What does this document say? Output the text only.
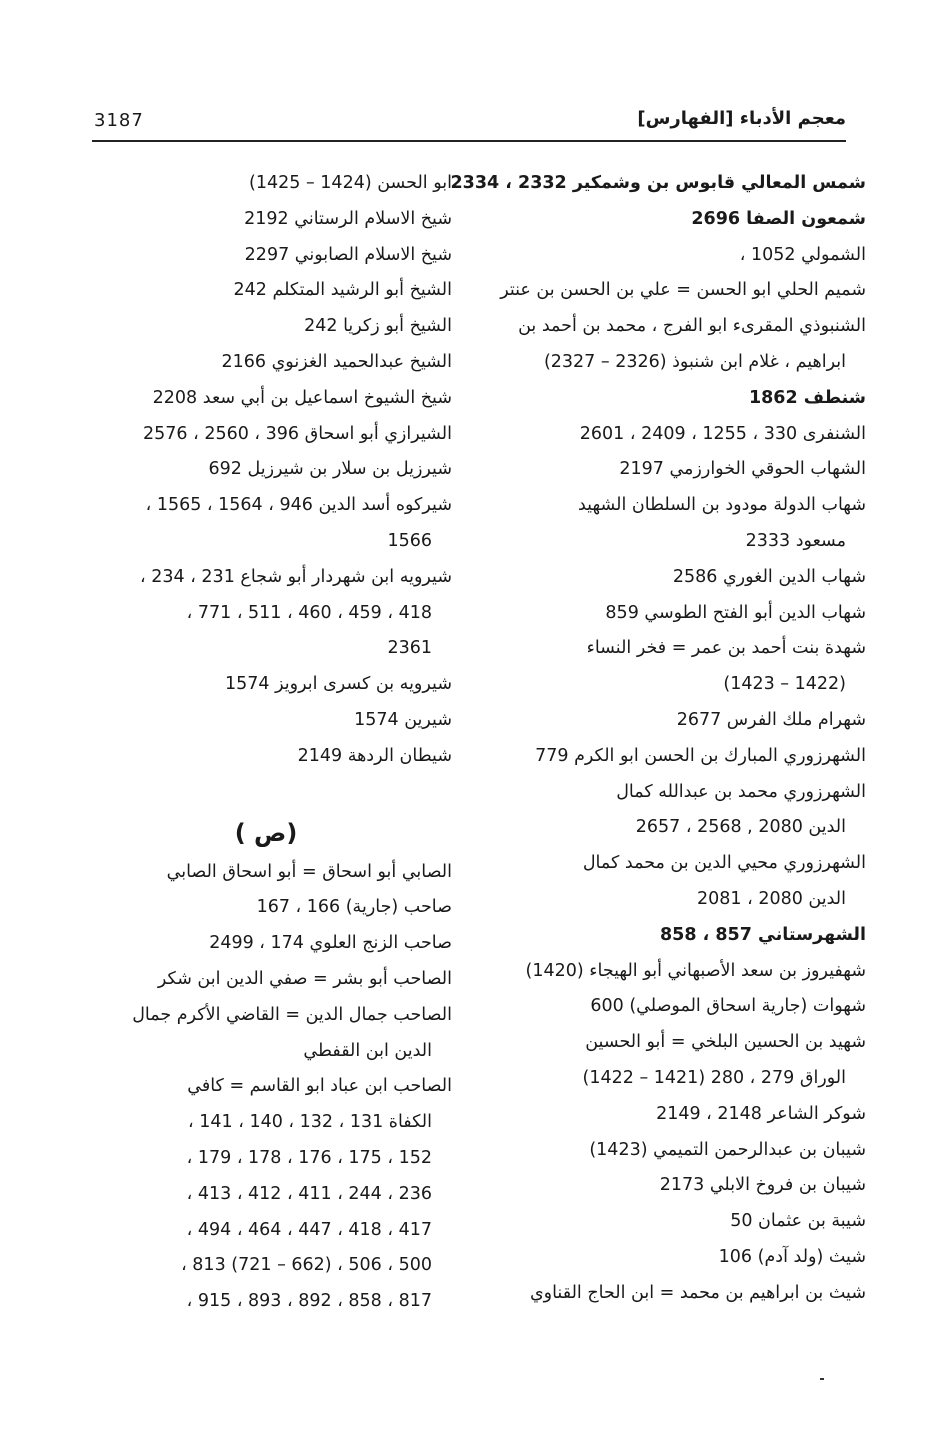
معجم الأدباء [الفهارس]
3187

شمس المعالي قابوس بن وشمكير 2332 ، 2334

شمعون الصفا 2696

الشمولي 1052 ،

شميم الحلي ابو الحسن = علي بن الحسن بن عنتر

الشنبوذي المقرىء ابو الفرج ، محمد بن أحمد بن

ابراهيم ، غلام ابن شنبوذ (2326 – 2327)

شنطف 1862

الشنفرى 330 ، 1255 ، 2409 ، 2601

الشهاب الحوقي الخوارزمي 2197

شهاب الدولة مودود بن السلطان الشهيد

مسعود 2333

شهاب الدين الغوري 2586

شهاب الدين أبو الفتح الطوسي 859

شهدة بنت أحمد بن عمر = فخر النساء

(1422 – 1423)

شهرام ملك الفرس 2677

الشهرزوري المبارك بن الحسن ابو الكرم 779

الشهرزوري محمد بن عبدالله كمال

الدين 2080 , 2568 ، 2657

الشهرزوري محيي الدين بن محمد كمال

الدين 2080 ، 2081

الشهرستاني 857 ، 858

شهفيروز بن سعد الأصبهاني أبو الهيجاء (1420)

شهوات (جارية اسحاق الموصلي) 600

شهيد بن الحسين البلخي = أبو الحسين

الوراق 279 ، 280 (1421 – 1422)

شوكر الشاعر 2148 ، 2149

شيبان بن عبدالرحمن التميمي (1423)

شيبان بن فروخ الابلي 2173

شيبة بن عثمان 50

شيث (ولد آدم) 106

شيث بن ابراهيم بن محمد = ابن الحاج القناوي

ابو الحسن (1424 – 1425)

شيخ الاسلام الرستاني 2192

شيخ الاسلام الصابوني 2297

الشيخ أبو الرشيد المتكلم 242

الشيخ أبو زكريا 242

الشيخ عبدالحميد الغزنوي 2166

شيخ الشيوخ اسماعيل بن أبي سعد 2208

الشيرازي أبو اسحاق 396 ، 2560 ، 2576

شيرزيل بن سلار بن شيرزيل 692

شيركوه أسد الدين 946 ، 1564 ، 1565 ،

1566

شيرويه ابن شهردار أبو شجاع 231 ، 234 ،

418 ، 459 ، 460 ، 511 ، 771 ،

2361

شيرويه بن كسرى ابرويز 1574

شيرين 1574

شيطان الردهة 2149

(ص )

الصابي أبو اسحاق = أبو اسحاق الصابي

صاحب (جارية) 166 ، 167

صاحب الزنج العلوي 174 ، 2499

الصاحب أبو بشر = صفي الدين ابن شكر

الصاحب جمال الدين = القاضي الأكرم جمال

الدين ابن القفطي

الصاحب ابن عباد ابو القاسم = كافي

الكفاة 131 ، 132 ، 140 ، 141 ،

152 ، 175 ، 176 ، 178 ، 179 ،

236 ، 244 ، 411 ، 412 ، 413 ،

417 ، 418 ، 447 ، 464 ، 494 ،

500 ، 506 ، (662 – 721) 813 ،

817 ، 858 ، 892 ، 893 ، 915 ،
